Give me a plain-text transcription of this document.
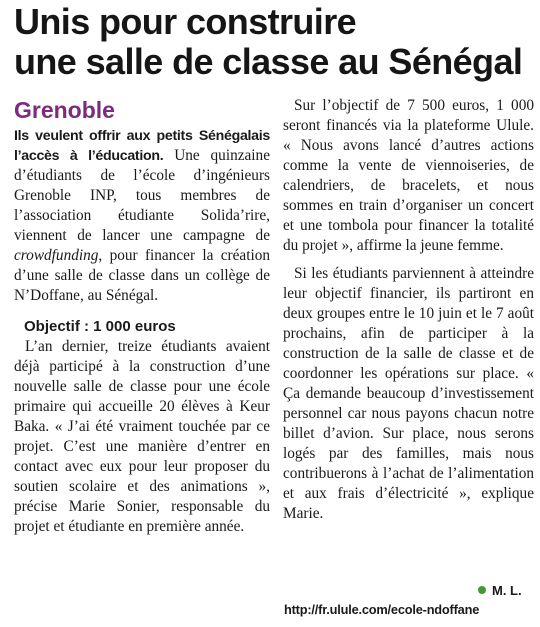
Unis pour construire
une salle de classe au Sénégal
Grenoble

Ils veulent offrir aux petits Sénégalais l’accès à l’éducation. Une quinzaine d’étudiants de l’école d’ingénieurs Grenoble INP, tous membres de l’association étudiante Solida’rire, viennent de lancer une campagne de crowdfunding, pour financer la création d’une salle de classe dans un collège de N’Doffane, au Sénégal.

Objectif : 1 000 euros

L’an dernier, treize étudiants avaient déjà participé à la construction d’une nouvelle salle de classe pour une école primaire qui accueille 20 élèves à Keur Baka. « J’ai été vraiment touchée par ce projet. C’est une manière d’entrer en contact avec eux pour leur proposer du soutien scolaire et des animations », précise Marie Sonier, responsable du projet et étudiante en première année.

Sur l’objectif de 7 500 euros, 1 000 seront financés via la plateforme Ulule. « Nous avons lancé d’autres actions comme la vente de viennoiseries, de calendriers, de bracelets, et nous sommes en train d’organiser un concert et une tombola pour financer la totalité du projet », affirme la jeune femme.

Si les étudiants parviennent à atteindre leur objectif financier, ils partiront en deux groupes entre le 10 juin et le 7 août prochains, afin de participer à la construction de la salle de classe et de coordonner les opérations sur place. « Ça demande beaucoup d’investissement personnel car nous payons chacun notre billet d’avion. Sur place, nous serons logés par des familles, mais nous contribuerons à l’achat de l’alimentation et aux frais d’électricité », explique Marie.

M. L.
http://fr.ulule.com/ecole-ndoffane
